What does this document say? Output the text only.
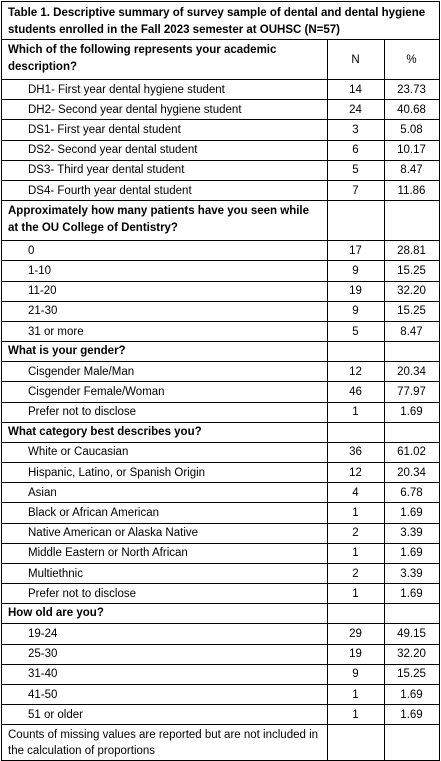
Table 1. Descriptive summary of survey sample of dental and dental hygiene students enrolled in the Fall 2023 semester at OUHSC (N=57)
Which of the following represents your academic description?
N	%
DH1- First year dental hygiene student	14	23.73
DH2- Second year dental hygiene student	24	40.68
DS1- First year dental student	3	5.08
DS2- Second year dental student	6	10.17
DS3- Third year dental student	5	8.47
DS4- Fourth year dental student	7	11.86
Approximately how many patients have you seen while at the OU College of Dentistry?
0	17	28.81
1-10	9	15.25
11-20	19	32.20
21-30	9	15.25
31 or more	5	8.47
What is your gender?
Cisgender Male/Man	12	20.34
Cisgender Female/Woman	46	77.97
Prefer not to disclose	1	1.69
What category best describes you?
White or Caucasian	36	61.02
Hispanic, Latino, or Spanish Origin	12	20.34
Asian	4	6.78
Black or African American	1	1.69
Native American or Alaska Native	2	3.39
Middle Eastern or North African	1	1.69
Multiethnic	2	3.39
Prefer not to disclose	1	1.69
How old are you?
19-24	29	49.15
25-30	19	32.20
31-40	9	15.25
41-50	1	1.69
51 or older	1	1.69
Counts of missing values are reported but are not included in the calculation of proportions
